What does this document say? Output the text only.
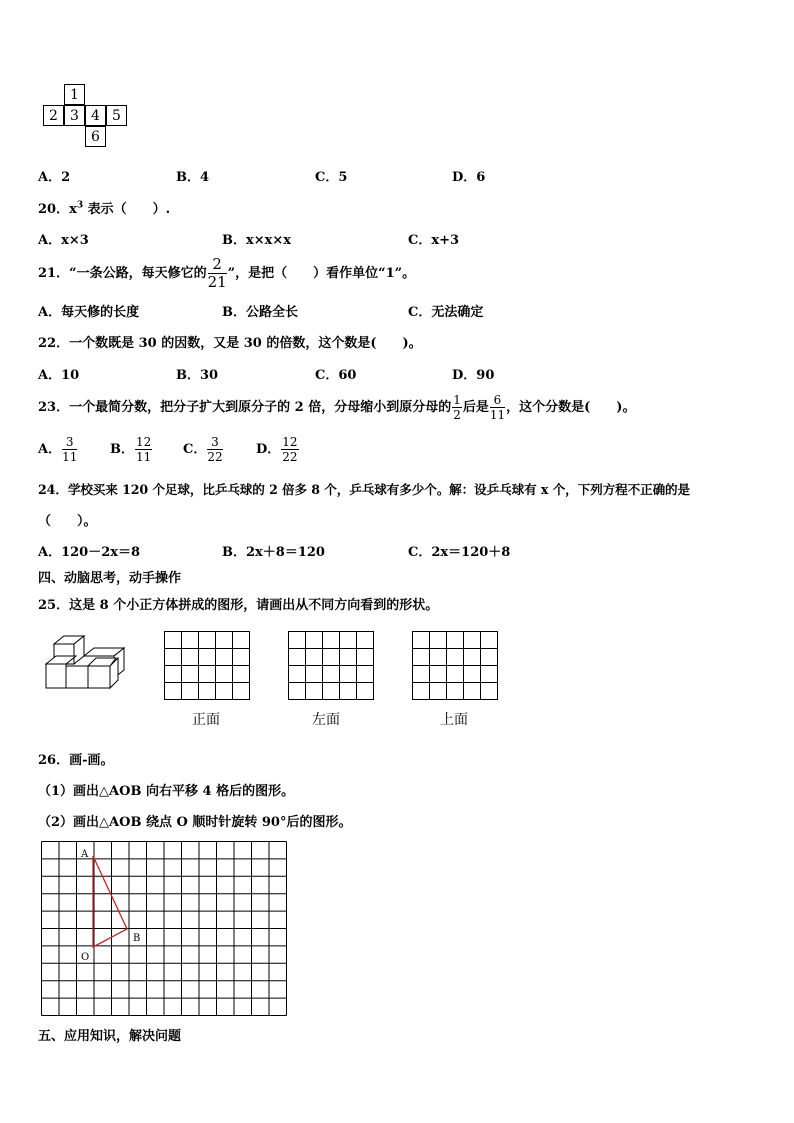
1
2 3 4 5
6
A．2	B．4	C．5	D．6
20．$x^3$ 表示（　　）.
A．x×3	B．x×x×x	C．x+3
21．“一条公路，每天修它的 $\frac{2}{21}$ ”，是把（　　）看作单位“1”。
A．每天修的长度	B．公路全长	C．无法确定
22．一个数既是 30 的因数，又是 30 的倍数，这个数是(　　)。
A．10	B．30	C．60	D．90
23．一个最简分数，把分子扩大到原分子的 2 倍，分母缩小到原分母的 $\frac{1}{2}$ 后是 $\frac{6}{11}$ ，这个分数是(　　)。
A． $\frac{3}{11}$	B． $\frac{12}{11}$ C． $\frac{3}{22}$	D． $\frac{12}{22}$
24．学校买来 120 个足球，比乒乓球的 2 倍多 8 个，乒乓球有多少个。解：设乒乓球有 x 个，下列方程不正确的是
（　　）。
A．120－2x＝8	B．2x＋8＝120	C．2x＝120＋8
四、动脑思考，动手操作
25．这是 8 个小正方体拼成的图形，请画出从不同方向看到的形状。
正面	左面	上面
26．画-画。
（1）画出△AOB 向右平移 4 格后的图形。
（2）画出△AOB 绕点 O 顺时针旋转 90°后的图形。
A
B
O
五、应用知识，解决问题
